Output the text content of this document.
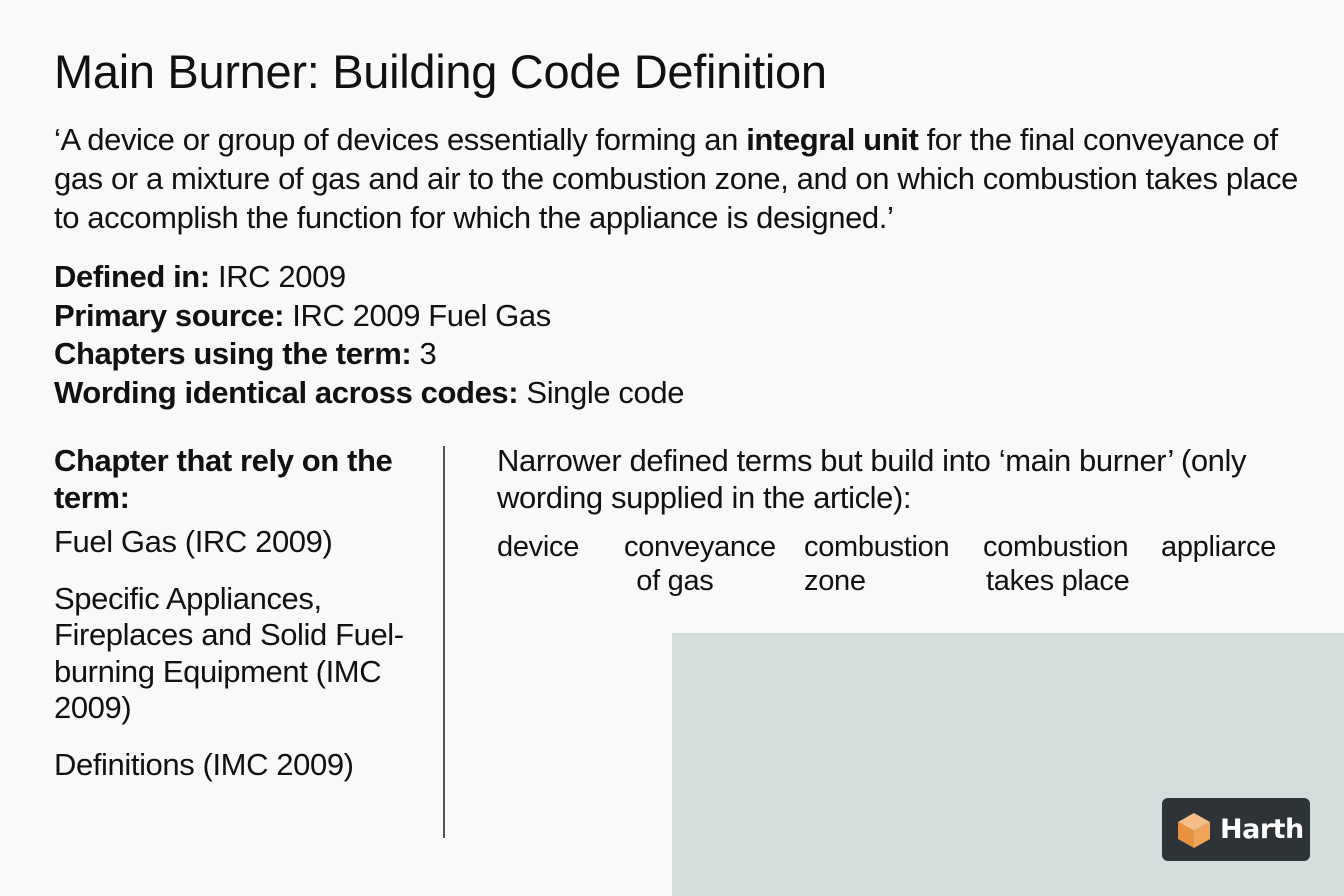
Main Burner: Building Code Definition
‘A device or group of devices essentially forming an integral unit for the final conveyance of gas or a mixture of gas and air to the combustion zone, and on which combustion takes place to accomplish the function for which the appliance is designed.’
Defined in: IRC 2009
Primary source: IRC 2009 Fuel Gas
Chapters using the term: 3
Wording identical across codes: Single code
Chapter that rely on the term:
Fuel Gas (IRC 2009)
Specific Appliances, Fireplaces and Solid Fuel-burning Equipment (IMC 2009)
Definitions (IMC 2009)
Narrower defined terms but build into ‘main burner’ (only wording supplied in the article):
device conveyance
of gas
combustion
zone
combustion
takes place
appliarce
Harth
